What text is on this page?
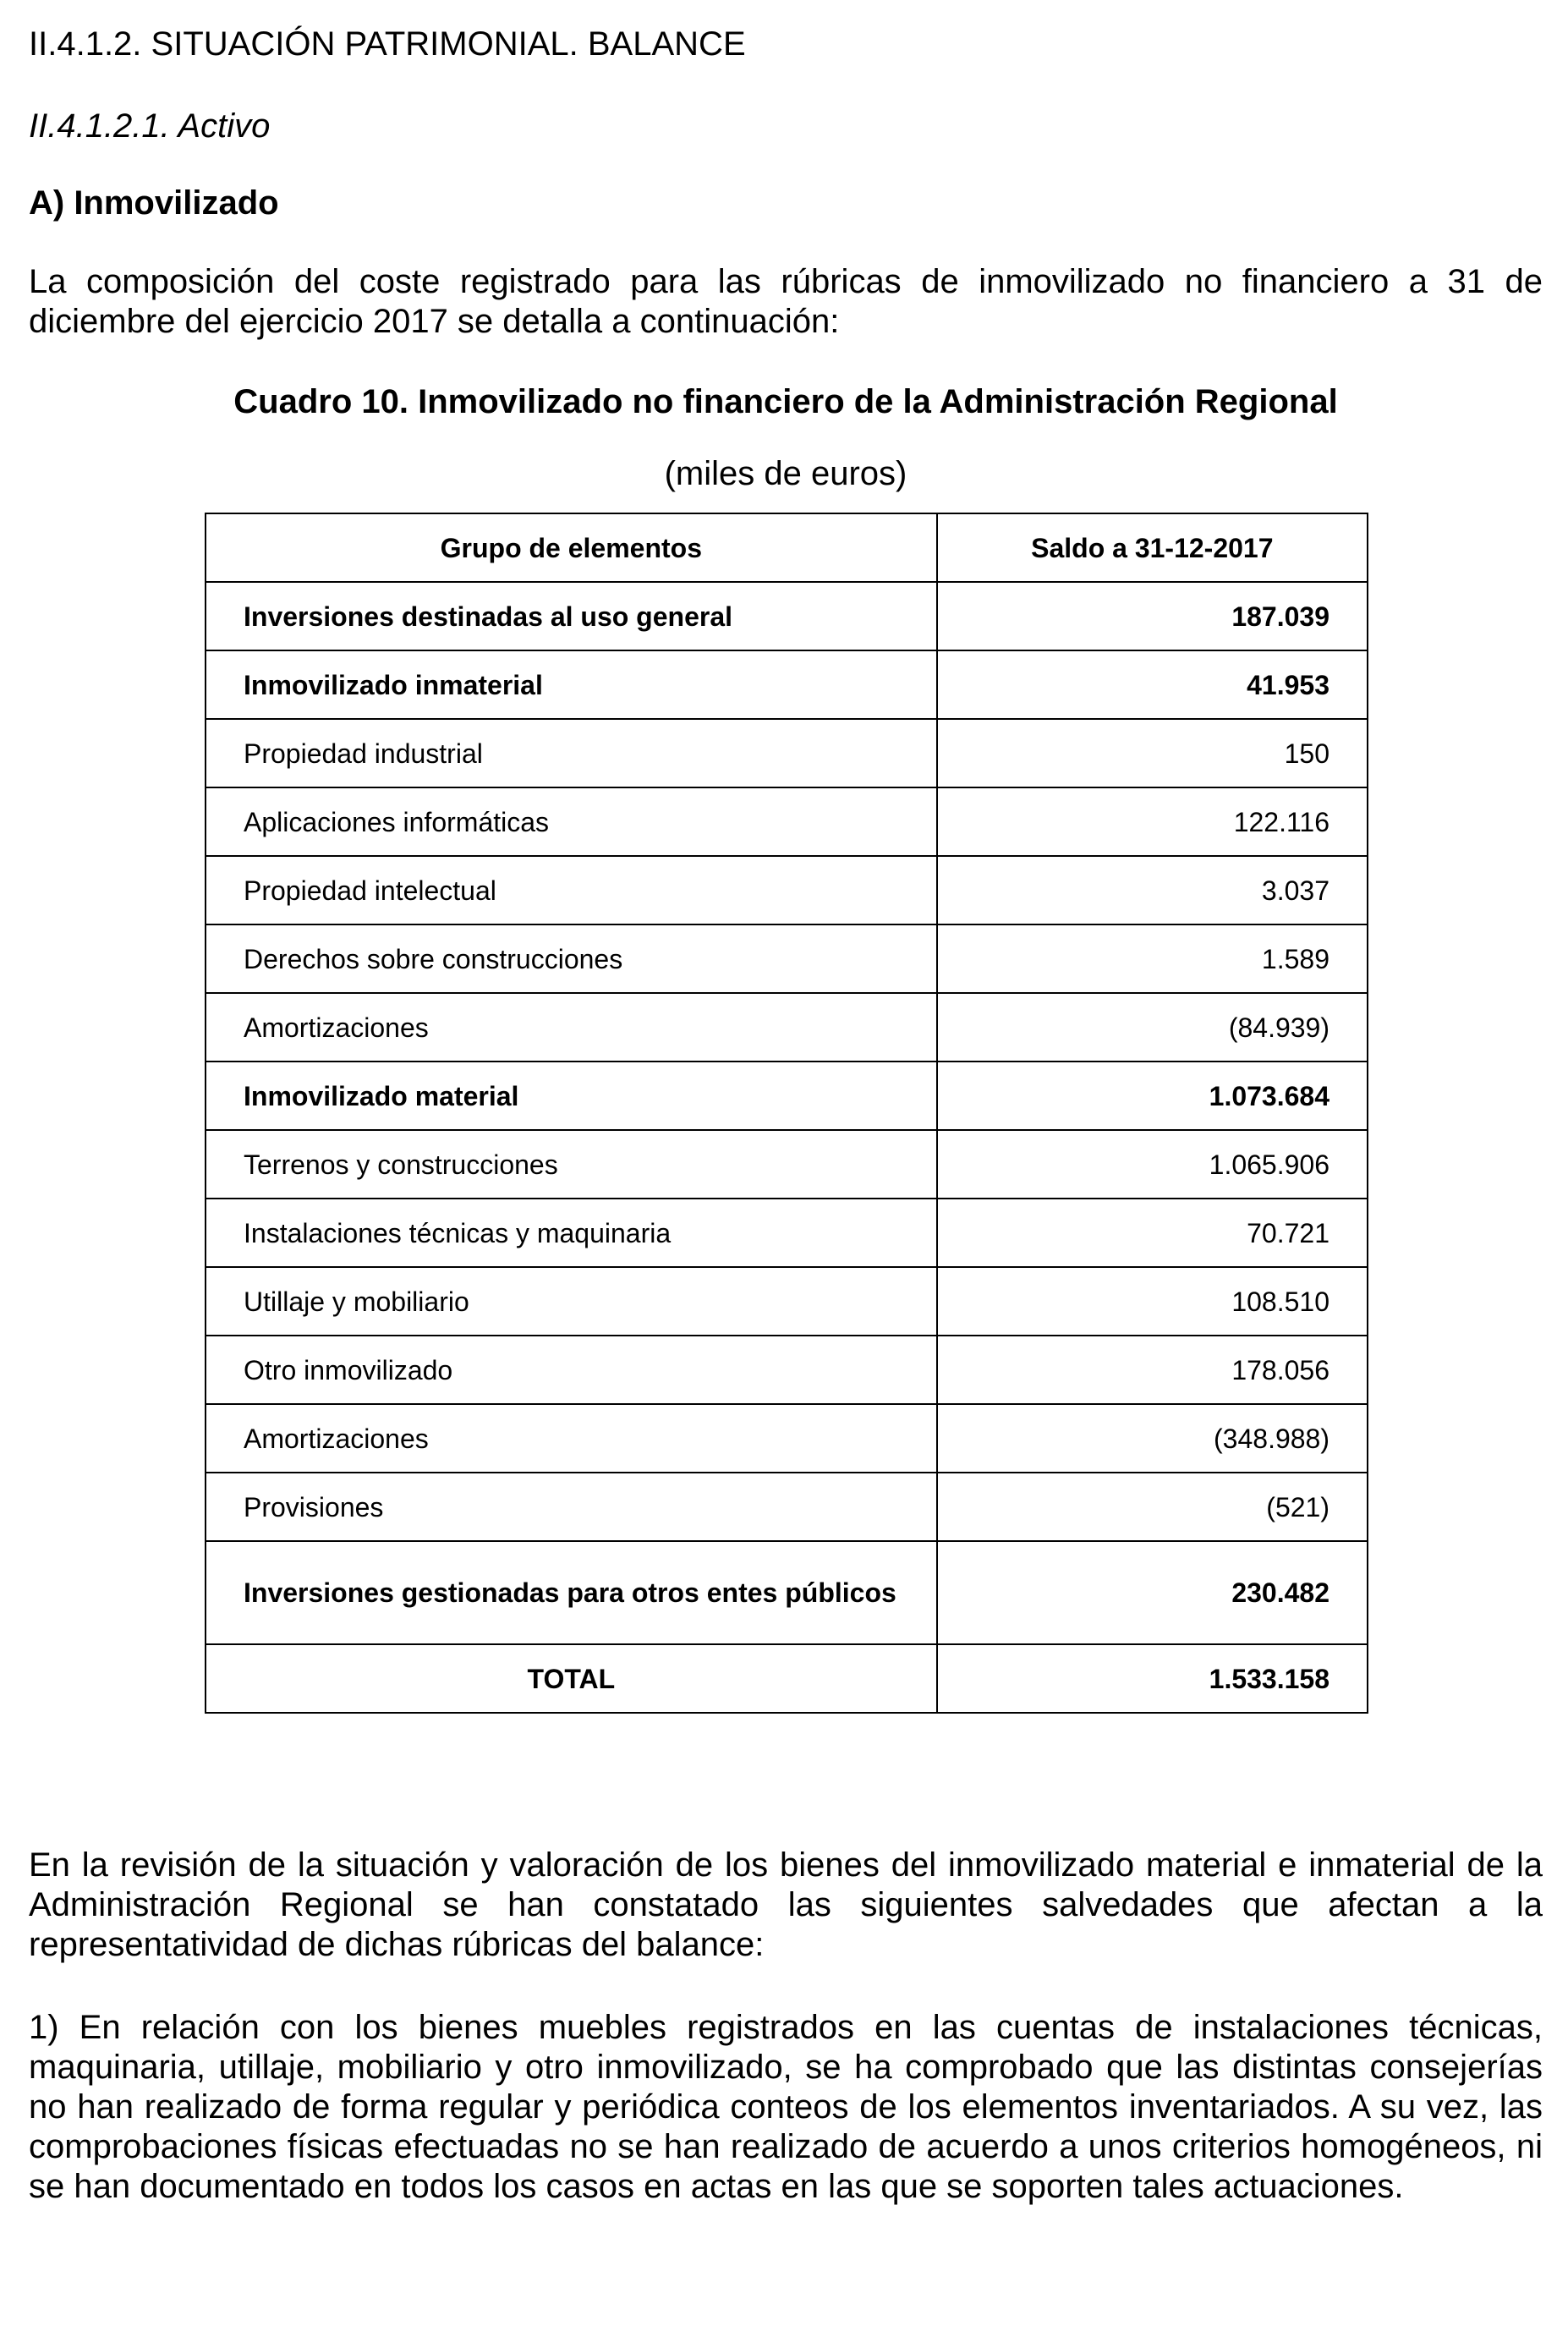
II.4.1.2. SITUACIÓN PATRIMONIAL. BALANCE
II.4.1.2.1. Activo
A) Inmovilizado

La composición del coste registrado para las rúbricas de inmovilizado no financiero a 31 de diciembre del ejercicio 2017 se detalla a continuación:

Cuadro 10. Inmovilizado no financiero de la Administración Regional
(miles de euros)
Grupo de elementos	Saldo a 31-12-2017
Inversiones destinadas al uso general	187.039
Inmovilizado inmaterial	41.953
Propiedad industrial	150
Aplicaciones informáticas	122.116
Propiedad intelectual	3.037
Derechos sobre construcciones	1.589
Amortizaciones	(84.939)
Inmovilizado material	1.073.684
Terrenos y construcciones	1.065.906
Instalaciones técnicas y maquinaria	70.721
Utillaje y mobiliario	108.510
Otro inmovilizado	178.056
Amortizaciones	(348.988)
Provisiones	(521)
Inversiones gestionadas para otros entes públicos	230.482
TOTAL	1.533.158

En la revisión de la situación y valoración de los bienes del inmovilizado material e inmaterial de la Administración Regional se han constatado las siguientes salvedades que afectan a la representatividad de dichas rúbricas del balance:

1) En relación con los bienes muebles registrados en las cuentas de instalaciones técnicas, maquinaria, utillaje, mobiliario y otro inmovilizado, se ha comprobado que las distintas consejerías no han realizado de forma regular y periódica conteos de los elementos inventariados. A su vez, las comprobaciones físicas efectuadas no se han realizado de acuerdo a unos criterios homogéneos, ni se han documentado en todos los casos en actas en las que se soporten tales actuaciones.
